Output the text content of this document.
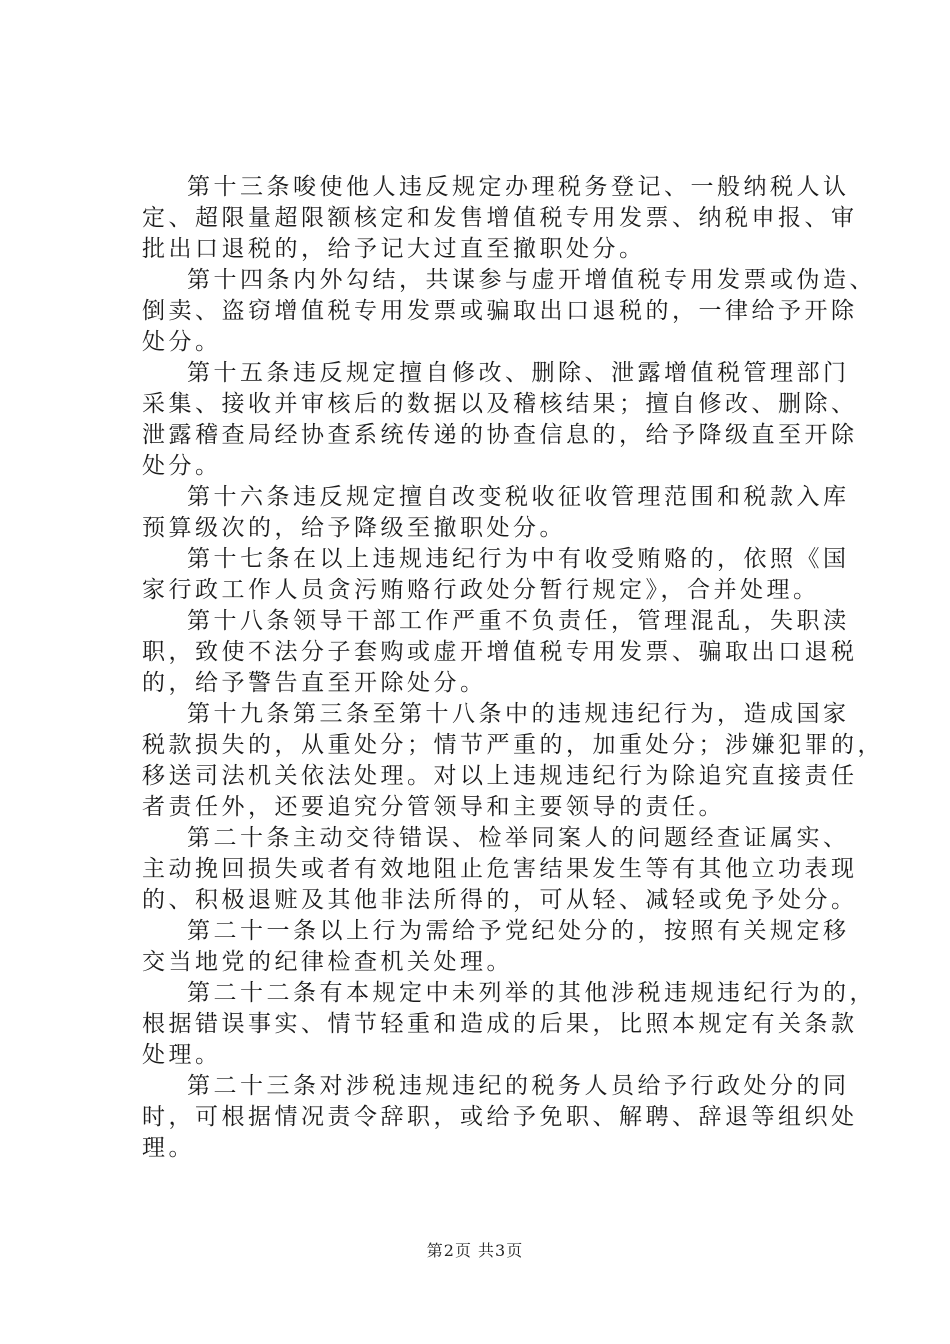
第十三条唆使他人违反规定办理税务登记、一般纳税人认
定、超限量超限额核定和发售增值税专用发票、纳税申报、审
批出口退税的，给予记大过直至撤职处分。
第十四条内外勾结，共谋参与虚开增值税专用发票或伪造、
倒卖、盗窃增值税专用发票或骗取出口退税的，一律给予开除
处分。
第十五条违反规定擅自修改、删除、泄露增值税管理部门
采集、接收并审核后的数据以及稽核结果；擅自修改、删除、
泄露稽查局经协查系统传递的协查信息的，给予降级直至开除
处分。
第十六条违反规定擅自改变税收征收管理范围和税款入库
预算级次的，给予降级至撤职处分。
第十七条在以上违规违纪行为中有收受贿赂的，依照《国
家行政工作人员贪污贿赂行政处分暂行规定》，合并处理。
第十八条领导干部工作严重不负责任，管理混乱，失职渎
职，致使不法分子套购或虚开增值税专用发票、骗取出口退税
的，给予警告直至开除处分。
第十九条第三条至第十八条中的违规违纪行为，造成国家
税款损失的，从重处分；情节严重的，加重处分；涉嫌犯罪的，
移送司法机关依法处理。对以上违规违纪行为除追究直接责任
者责任外，还要追究分管领导和主要领导的责任。
第二十条主动交待错误、检举同案人的问题经查证属实、
主动挽回损失或者有效地阻止危害结果发生等有其他立功表现
的、积极退赃及其他非法所得的，可从轻、减轻或免予处分。
第二十一条以上行为需给予党纪处分的，按照有关规定移
交当地党的纪律检查机关处理。
第二十二条有本规定中未列举的其他涉税违规违纪行为的，
根据错误事实、情节轻重和造成的后果，比照本规定有关条款
处理。
第二十三条对涉税违规违纪的税务人员给予行政处分的同
时，可根据情况责令辞职，或给予免职、解聘、辞退等组织处
理。
第2页 共3页
